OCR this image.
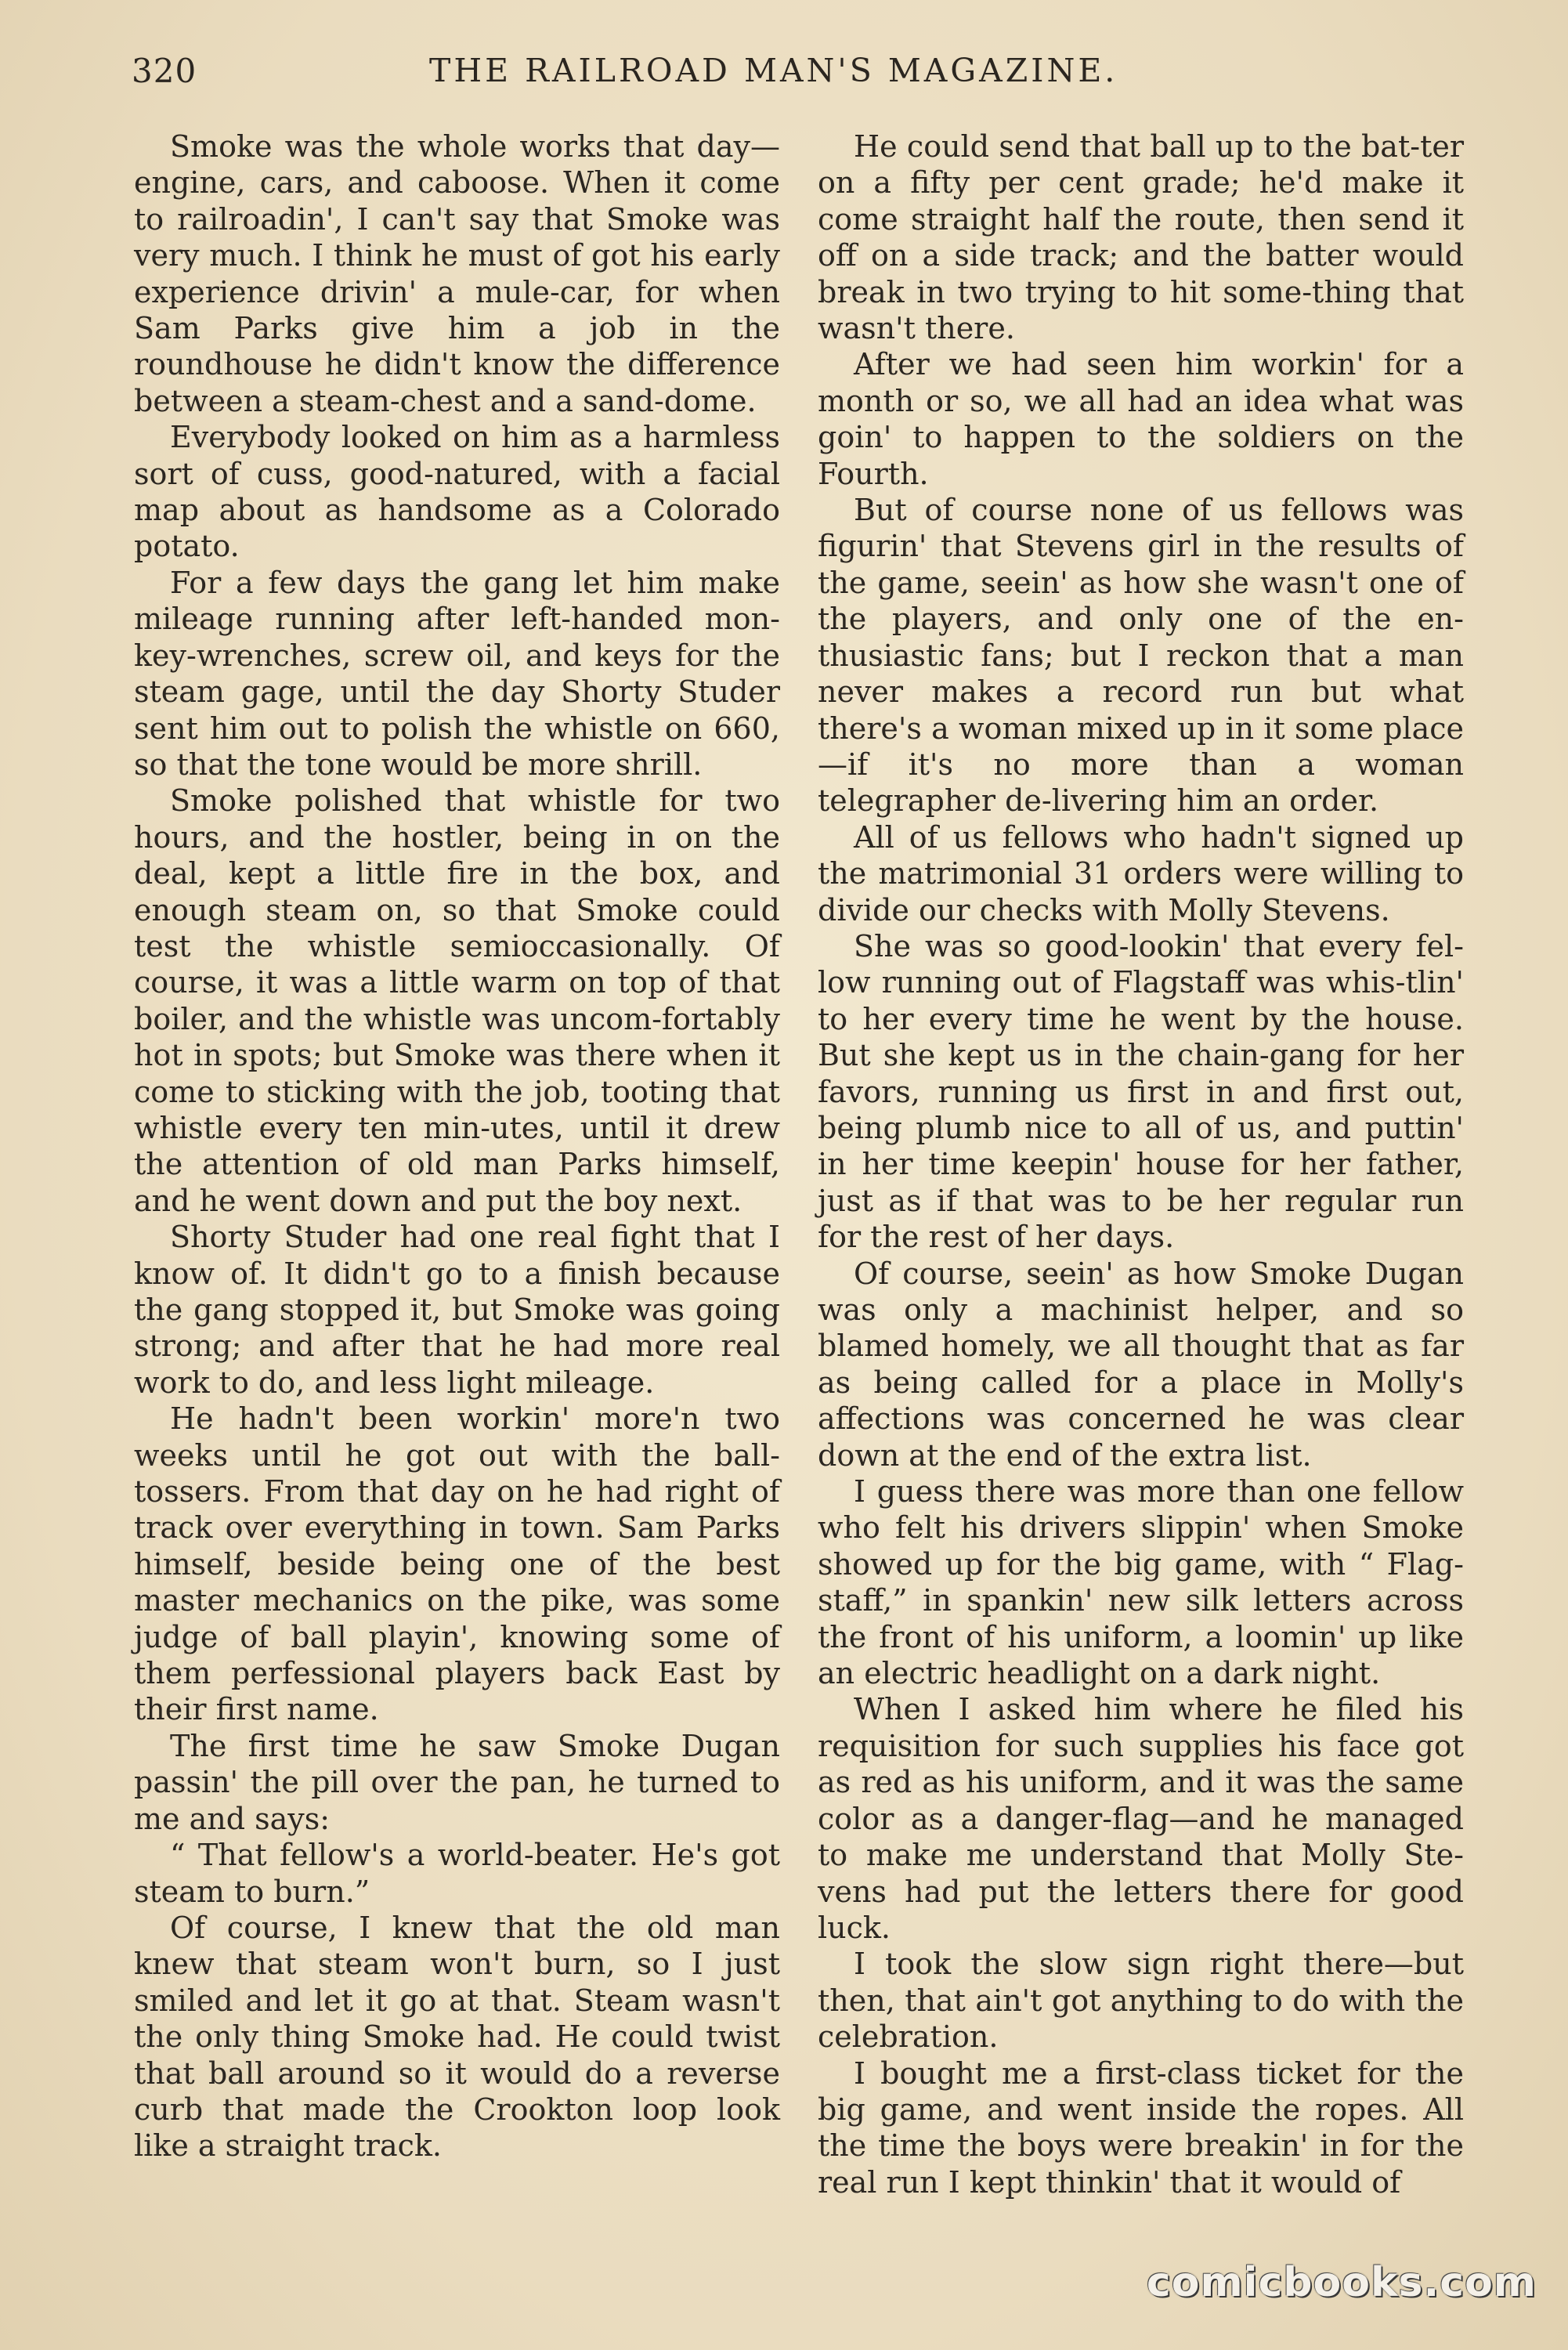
320	THE RAILROAD MAN'S MAGAZINE.

Smoke was the whole works that day—engine, cars, and caboose. When it come to railroadin', I can't say that Smoke was very much. I think he must of got his early experience drivin' a mule-car, for when Sam Parks give him a job in the roundhouse he didn't know the difference between a steam-chest and a sand-dome.

Everybody looked on him as a harmless sort of cuss, good-natured, with a facial map about as handsome as a Colorado potato.

For a few days the gang let him make mileage running after left-handed mon-key-wrenches, screw oil, and keys for the steam gage, until the day Shorty Studer sent him out to polish the whistle on 660, so that the tone would be more shrill.

Smoke polished that whistle for two hours, and the hostler, being in on the deal, kept a little fire in the box, and enough steam on, so that Smoke could test the whistle semioccasionally. Of course, it was a little warm on top of that boiler, and the whistle was uncom-fortably hot in spots; but Smoke was there when it come to sticking with the job, tooting that whistle every ten min-utes, until it drew the attention of old man Parks himself, and he went down and put the boy next.

Shorty Studer had one real fight that I know of. It didn't go to a finish because the gang stopped it, but Smoke was going strong; and after that he had more real work to do, and less light mileage.

He hadn't been workin' more'n two weeks until he got out with the ball-tossers. From that day on he had right of track over everything in town. Sam Parks himself, beside being one of the best master mechanics on the pike, was some judge of ball playin', knowing some of them perfessional players back East by their first name.

The first time he saw Smoke Dugan passin' the pill over the pan, he turned to me and says:

“ That fellow's a world-beater. He's got steam to burn.”

Of course, I knew that the old man knew that steam won't burn, so I just smiled and let it go at that. Steam wasn't the only thing Smoke had. He could twist that ball around so it would do a reverse curb that made the Crookton loop look like a straight track.

He could send that ball up to the bat-ter on a fifty per cent grade; he'd make it come straight half the route, then send it off on a side track; and the batter would break in two trying to hit some-thing that wasn't there.

After we had seen him workin' for a month or so, we all had an idea what was goin' to happen to the soldiers on the Fourth.

But of course none of us fellows was figurin' that Stevens girl in the results of the game, seein' as how she wasn't one of the players, and only one of the en-thusiastic fans; but I reckon that a man never makes a record run but what there's a woman mixed up in it some place—if it's no more than a woman telegrapher de-livering him an order.

All of us fellows who hadn't signed up the matrimonial 31 orders were willing to divide our checks with Molly Stevens.

She was so good-lookin' that every fel-low running out of Flagstaff was whis-tlin' to her every time he went by the house. But she kept us in the chain-gang for her favors, running us first in and first out, being plumb nice to all of us, and puttin' in her time keepin' house for her father, just as if that was to be her regular run for the rest of her days.

Of course, seein' as how Smoke Dugan was only a machinist helper, and so blamed homely, we all thought that as far as being called for a place in Molly's affections was concerned he was clear down at the end of the extra list.

I guess there was more than one fellow who felt his drivers slippin' when Smoke showed up for the big game, with “ Flag-staff,” in spankin' new silk letters across the front of his uniform, a loomin' up like an electric headlight on a dark night.

When I asked him where he filed his requisition for such supplies his face got as red as his uniform, and it was the same color as a danger-flag—and he managed to make me understand that Molly Ste-vens had put the letters there for good luck.

I took the slow sign right there—but then, that ain't got anything to do with the celebration.

I bought me a first-class ticket for the big game, and went inside the ropes. All the time the boys were breakin' in for the real run I kept thinkin' that it would of

comicbooks.com
